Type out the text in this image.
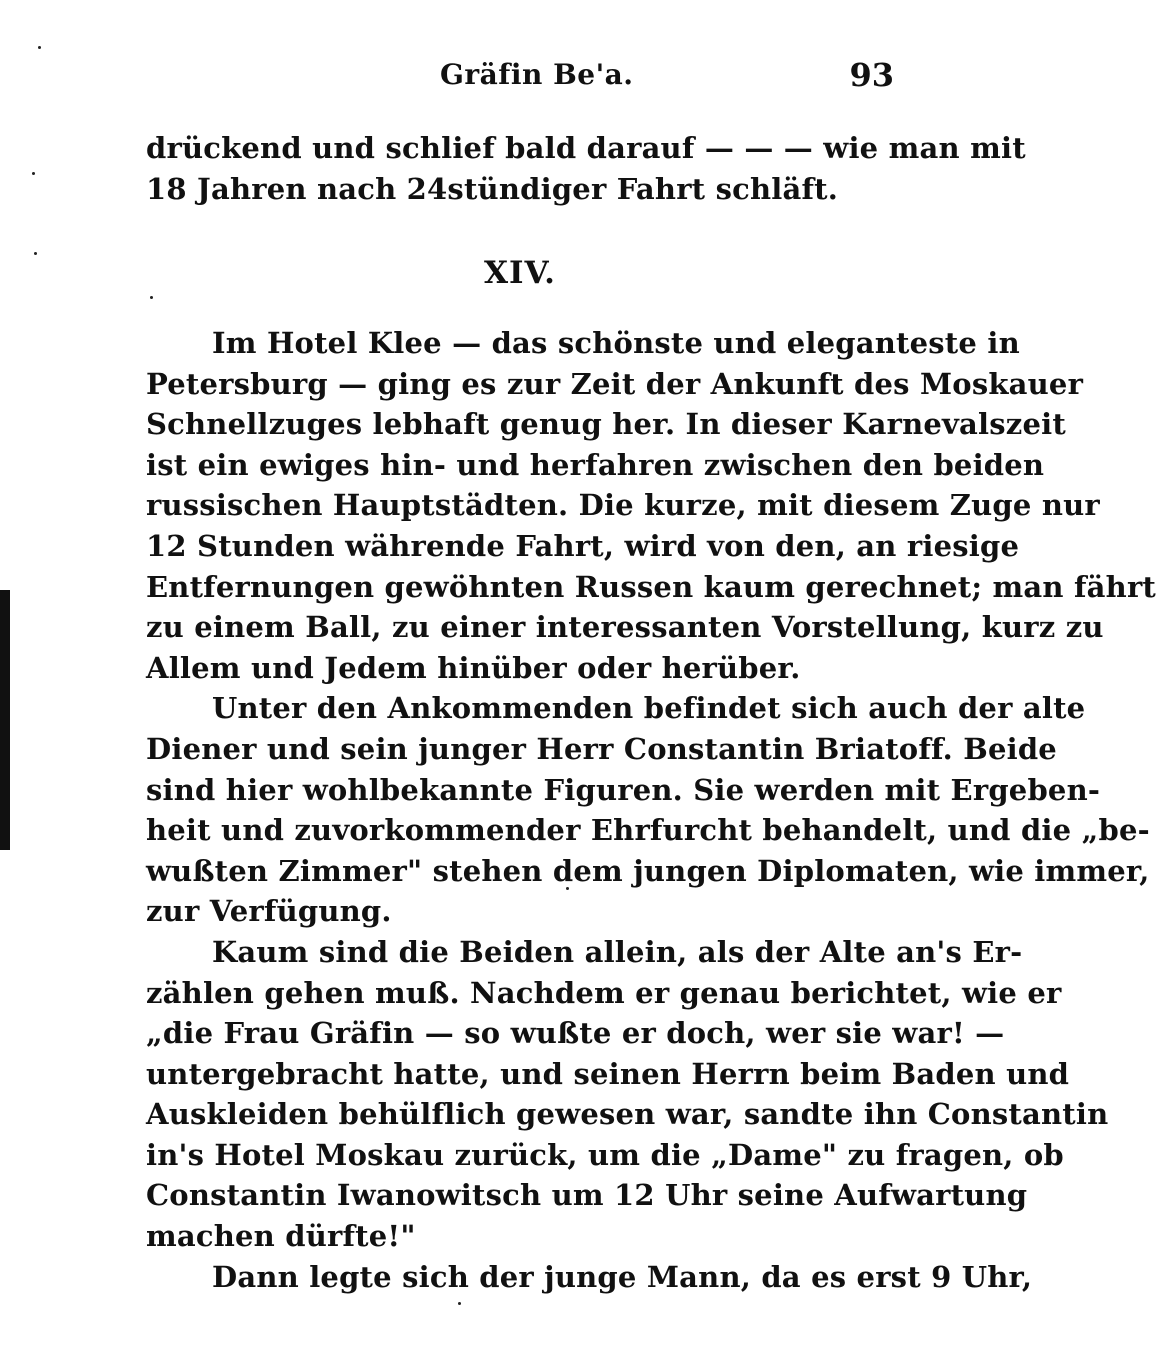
Gräfin Be'a.	93
drückend und schlief bald darauf — — — wie man mit
18 Jahren nach 24stündiger Fahrt schläft.
XIV.
Im Hotel Klee — das schönste und eleganteste in
Petersburg — ging es zur Zeit der Ankunft des Moskauer
Schnellzuges lebhaft genug her. In dieser Karnevalszeit
ist ein ewiges hin- und herfahren zwischen den beiden
russischen Hauptstädten. Die kurze, mit diesem Zuge nur
12 Stunden währende Fahrt, wird von den, an riesige
Entfernungen gewöhnten Russen kaum gerechnet; man fährt
zu einem Ball, zu einer interessanten Vorstellung, kurz zu
Allem und Jedem hinüber oder herüber.
Unter den Ankommenden befindet sich auch der alte
Diener und sein junger Herr Constantin Briatoff. Beide
sind hier wohlbekannte Figuren. Sie werden mit Ergeben-
heit und zuvorkommender Ehrfurcht behandelt, und die „be-
wußten Zimmer" stehen dem jungen Diplomaten, wie immer,
zur Verfügung.
Kaum sind die Beiden allein, als der Alte an's Er-
zählen gehen muß. Nachdem er genau berichtet, wie er
„die Frau Gräfin — so wußte er doch, wer sie war! —
untergebracht hatte, und seinen Herrn beim Baden und
Auskleiden behülflich gewesen war, sandte ihn Constantin
in's Hotel Moskau zurück, um die „Dame" zu fragen, ob
Constantin Iwanowitsch um 12 Uhr seine Aufwartung
machen dürfte!"
Dann legte sich der junge Mann, da es erst 9 Uhr,
